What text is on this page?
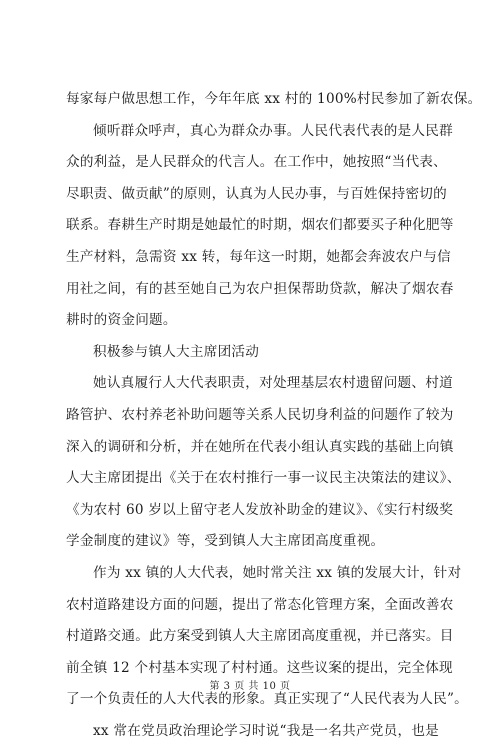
每家每户做思想工作，今年年底 xx 村的 100%村民参加了新农保。
倾听群众呼声，真心为群众办事。人民代表代表的是人民群
众的利益，是人民群众的代言人。在工作中，她按照“当代表、
尽职责、做贡献”的原则，认真为人民办事，与百姓保持密切的
联系。春耕生产时期是她最忙的时期，烟农们都要买子种化肥等
生产材料，急需资 xx 转，每年这一时期，她都会奔波农户与信
用社之间，有的甚至她自己为农户担保帮助贷款，解决了烟农春
耕时的资金问题。
积极参与镇人大主席团活动
她认真履行人大代表职责，对处理基层农村遗留问题、村道
路管护、农村养老补助问题等关系人民切身利益的问题作了较为
深入的调研和分析，并在她所在代表小组认真实践的基础上向镇
人大主席团提出《关于在农村推行一事一议民主决策法的建议》、
《为农村 60 岁以上留守老人发放补助金的建议》、《实行村级奖
学金制度的建议》等，受到镇人大主席团高度重视。
作为 xx 镇的人大代表，她时常关注 xx 镇的发展大计，针对
农村道路建设方面的问题，提出了常态化管理方案，全面改善农
村道路交通。此方案受到镇人大主席团高度重视，并已落实。目
前全镇 12 个村基本实现了村村通。这些议案的提出，完全体现
了一个负责任的人大代表的形象。真正实现了“人民代表为人民”。
xx 常在党员政治理论学习时说“我是一名共产党员，也是
第 3 页 共 10 页
